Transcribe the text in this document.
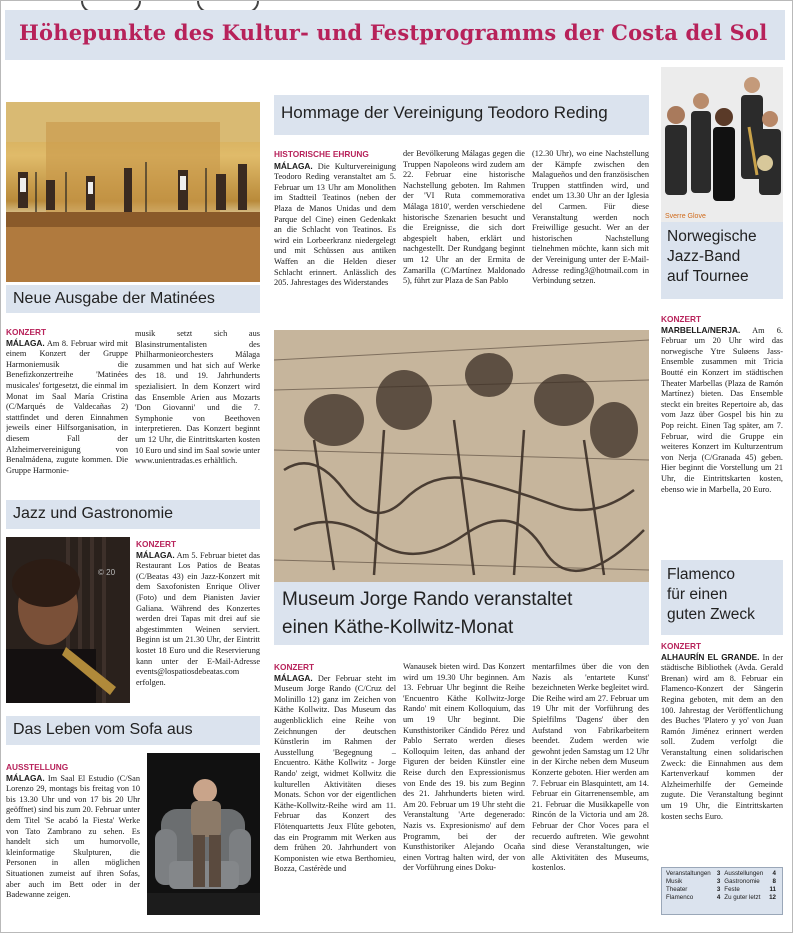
Höhepunkte des Kultur- und Festprogramms der Costa del Sol
Neue Ausgabe der Matinées
KONZERT
MÁLAGA. Am 8. Februar wird mit einem Konzert der Gruppe Harmoniemusik die Benefizkonzertreihe 'Matinées musicales' fortgesetzt, die einmal im Monat im Saal María Cristina (C/Marqués de Valdecañas 2) stattfindet und deren Einnahmen jeweils einer Hilfsorganisation, in diesem Fall der Alzheimervereinigung von Benalmádena, zugute kommen. Die Gruppe Harmonie-
musik setzt sich aus Blasinstrumentalisten des Philharmonieorchesters Málaga zusammen und hat sich auf Werke des 18. und 19. Jahrhunderts spezialisiert. In dem Konzert wird das Ensemble Arien aus Mozarts 'Don Giovanni' und die 7. Symphonie von Beethoven interpretieren. Das Konzert beginnt um 12 Uhr, die Eintrittskarten kosten 10 Euro und sind im Saal sowie unter www.unientradas.es erhältlich.
Jazz und Gastronomie
© 20
KONZERT
MÁLAGA. Am 5. Februar bietet das Restaurant Los Patios de Beatas (C/Beatas 43) ein Jazz-Konzert mit dem Saxofonisten Enrique Oliver (Foto) und dem Pianisten Javier Galiana. Während des Konzertes werden drei Tapas mit drei auf sie abgestimmten Weinen serviert. Beginn ist um 21.30 Uhr, der Eintritt kostet 18 Euro und die Reservierung kann unter der E-Mail-Adresse events@lospatiosdebeatas.com erfolgen.
Das Leben vom Sofa aus
AUSSTELLUNG
MÁLAGA. Im Saal El Estudio (C/San Lorenzo 29, montags bis freitag von 10 bis 13.30 Uhr und von 17 bis 20 Uhr geöffnet) sind bis zum 20. Februar unter dem Titel 'Se acabó la Fiesta' Werke von Tato Zambrano zu sehen. Es handelt sich um humorvolle, kleinformatige Skulpturen, die Personen in allen möglichen Situationen zumeist auf ihren Sofas, aber auch im Bett oder in der Badewanne zeigen.
Hommage der Vereinigung Teodoro Reding
HISTORISCHE EHRUNG
MÁLAGA. Die Kulturvereinigung Teodoro Reding veranstaltet am 5. Februar um 13 Uhr am Monolithen im Stadtteil Teatinos (neben der Plaza de Manos Unidas und dem Parque del Cine) einen Gedenkakt an die Schlacht von Teatinos. Es wird ein Lorbeerkranz niedergelegt und mit Schüssen aus antiken Waffen an die Helden dieser Schlacht erinnert. Anlässlich des 205. Jahrestages des Widerstandes
der Bevölkerung Málagas gegen die Truppen Napoleons wird zudem am 22. Februar eine historische Nachstellung geboten. Im Rahmen der 'VI Ruta commemorativa Málaga 1810', werden verschiedene historische Szenarien besucht und die Ereignisse, die sich dort abgespielt haben, erklärt und nachgestellt. Der Rundgang beginnt um 12 Uhr an der Ermita de Zamarilla (C/Martínez Maldonado 5), führt zur Plaza de San Pablo
(12.30 Uhr), wo eine Nachstellung der Kämpfe zwischen den Malagueños und den französischen Truppen stattfinden wird, und endet um 13.30 Uhr an der Iglesia del Carmen. Für diese Veranstaltung werden noch Freiwillige gesucht. Wer an der historischen Nachstellung tielnehmen möchte, kann sich mit der Vereinigung unter der E-Mail-Adresse reding3@hotmail.com in Verbindung setzen.
Museum Jorge Rando veranstaltet
einen Käthe-Kollwitz-Monat
KONZERT
MÁLAGA. Der Februar steht im Museum Jorge Rando (C/Cruz del Molinillo 12) ganz im Zeichen von Käthe Kollwitz. Das Museum das augenblicklich eine Reihe von Zeichnungen der deutschen Künstlerin im Rahmen der Ausstellung 'Begegnung – Encuentro. Käthe Kollwitz - Jorge Rando' zeigt, widmet Kollwitz die kulturellen Aktivitäten dieses Monats. Schon vor der eigentlichen Käthe-Kollwitz-Reihe wird am 11. Februar das Konzert des Flötenquartetts Jeux Flûte geboten, das ein Programm mit Werken aus dem frühen 20. Jahrhundert von Komponisten wie etwa Berthomieu, Bozza, Castérède und
Wanausek bieten wird. Das Konzert wird um 19.30 Uhr beginnen. Am 13. Februar Uhr beginnt die Reihe 'Encuentro Käthe Kollwitz-Jorge Rando' mit einem Kolloquium, das um 19 Uhr beginnt. Die Kunsthistoriker Cándido Pérez und Pablo Serrato werden dieses Kolloquim leiten, das anhand der Figuren der beiden Künstler eine Reise durch den Expressionismus von Ende des 19. bis zum Beginn des 21. Jahrhunderts bieten wird. Am 20. Februar um 19 Uhr steht die Veranstaltung 'Arte degenerado: Nazis vs. Expresionismo' auf dem Programm, bei der der Kunsthistoriker Alejando Ocaña einen Vortrag halten wird, der von der Vorführung eines Doku-
mentarfilmes über die von den Nazis als 'entartete Kunst' bezeichneten Werke begleitet wird. Die Reihe wird am 27. Februar um 19 Uhr mit der Vorführung des Spielfilms 'Dagens' über den Aufstand von Fabrikarbeitern beendet. Zudem werden wie gewohnt jeden Samstag um 12 Uhr in der Kirche neben dem Museum Konzerte geboten. Hier werden am 7. Februar ein Blasquintett, am 14. Februar ein Gitarrenensemble, am 21. Februar die Musikkapelle von Rincón de la Victoria und am 28. Februar der Chor Voces para el recuerdo auftreten. Wie gewohnt sind diese Veranstaltungen, wie alle Aktivitäten des Museums, kostenlos.
Sverre Glove
Norwegische
Jazz-Band
auf Tournee
KONZERT
MARBELLA/NERJA. Am 6. Februar um 20 Uhr wird das norwegische Ytre Suløens Jass-Ensemble zusammen mit Tricia Boutté ein Konzert im städtischen Theater Marbellas (Plaza de Ramón Martínez) bieten. Das Ensemble steckt ein breites Repertoire ab, das vom Jazz über Gospel bis hin zu Pop reicht. Einen Tag später, am 7. Februar, wird die Gruppe ein weiteres Konzert im Kulturzentrum von Nerja (C/Granada 45) geben. Hier beginnt die Vorstellung um 21 Uhr, die Eintrittskarten kosten, ebenso wie in Marbella, 20 Euro.
Flamenco
für einen
guten Zweck
KONZERT
ALHAURÍN EL GRANDE. In der städtische Bibliothek (Avda. Gerald Brenan) wird am 8. Februar ein Flamenco-Konzert der Sängerin Regina geboten, mit dem an den 100. Jahrestag der Veröffentlichung des Buches 'Platero y yo' von Juan Ramón Jiménez erinnert werden soll. Zudem verfolgt die Veranstaltung einen solidarischen Zweck: die Einnahmen aus dem Kartenverkauf kommen der Alzheimerhilfe der Gemeinde zugute. Die Veranstaltung beginnt um 19 Uhr, die Eintrittskarten kosten sechs Euro.
Veranstaltungen	3	Ausstellungen	4
Musik	3	Gastronomie	8
Theater	3	Feste	11
Flamenco	4	Zu guter letzt	12
